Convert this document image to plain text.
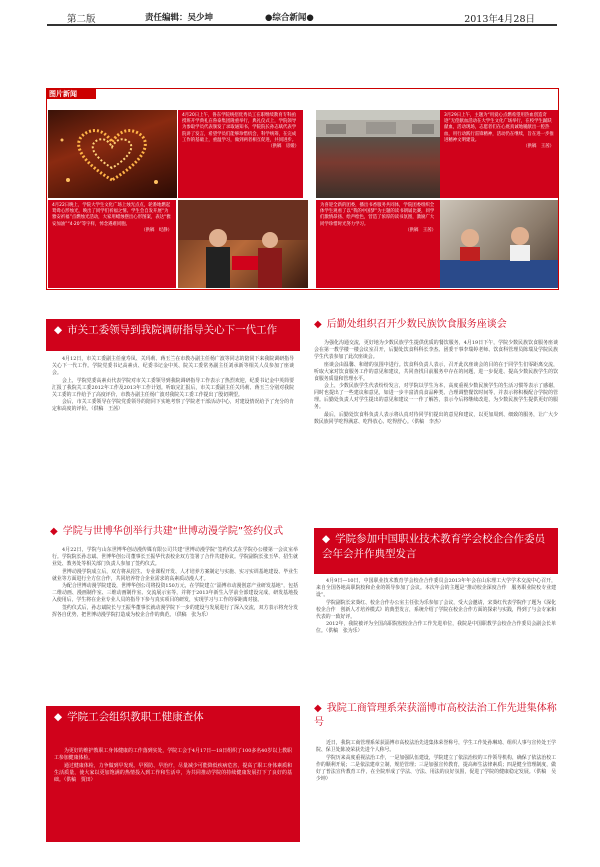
第二版	责任编辑：吴少坤	●综合新闻●	2013年4月28日
图片新闻
4月20日上午，鲁东学院统招优秀员工在职继续教育专科函授班开学典礼在鲁泰集团隆重举行，典礼仪式上，学院领导为参取学员代表颁发了录取通知书，学院院长孙志斌代表学院讲了发言，希望学员们能够珍惜机会，科学统筹，在完成工作的基础上，重温学习，做到两者相互促进，共同进步。
（供稿　房媛）
3月29日上午，主题为“用爱心点燃希望用热血创造奇迹”无偿献血活动在大学生文化广场举行，在校学生踊跃献血，活动现场，志愿者们在心底真诚地履献出一腔热血，用行动践行雷锋精神，活动仍在继续，旨在进一步推进精神文明建设。
（供稿　王茜）
4月22日晚上，学院大学生文化广场上烛光点点，轮番地燃起鸳鸯心形烛光，映出了同学们祈福之情。学生会自发开展“为雅安祈福”点燃烛光活动，大家用蜡烛摆出心形图案，表达“雅安加油”“4·20”等字样，悼念遇难同胞。
（供稿　纪静）
为喜迎全新的团委，播出书香服务共同体，学院团委组织全体学生观看了以“我的中国梦”为主题的读书朗诵比赛，同学们激情昂扬、绘声绘色，营造了浓厚的读书氛围，激励广大同学珍惜时光努力学习。
（供稿　王茜）
◆ 市关工委领导到我院调研指导关心下一代工作

4月12日，市关工委副主任童寿凤、关玛莉、蒋玉兰在市教办副主任杨广波等同志的陪同下来我院调研指导关心下一代工作。学院党委书记高素贞、纪委书记金中英、院关工委常务副主任刘承新等相关人员参加了座谈会。

会上，学院党委高素贞代表学院对市关工委领导到我院调研指导工作表示了热烈欢迎，纪委书记金中英简要汇报了我院关工委2012年工作及2013年工作计划。听取完汇报后，市关工委副主任关玛莉、蒋玉兰分别对我院关工委的工作给予了高度评价，市教办副主任杨广波对我院关工委工作提出了殷切期望。

会后，市关工委领导在学院党委领导的陪同下实地考察了学院老干部活动中心，对建设情况给予了充分的肯定和高度的评价。（供稿　王茜）

◆ 后勤处组织召开少数民族饮食服务座谈会

为强化沟通交流，更好地为少数民族学生提供优质的餐饮服务，4月19日下午，学院少数民族饮食服务座谈会在第一教学楼一楼会议室召开，后勤处饮食科科长李杰、团委干事李瑞婷老师、饮食科管理员陈瑞及学院民族学生代表参加了此次座谈会。

座谈会由温馨、和谐的氛围中进行。饮食科负责人表示，召开此次座谈会的目的在于同学生们零距离交流，听取大家对饮食服务工作的意见和建议，共同查找目前服务中存在的问题，进一步促进、提高少数民族学生的饮食服务质量和管理水平。

会上，少数民族学生代表纷纷发言，对学院以学生为本，高度重视少数民族学生的生活习惯等表示了感谢，同时也提出了一些建议和意见，如进一步丰富清真食品种类、合理调整餐饮时间等，并表示将积极配合学院的管理。后勤处负责人对学生提出的意见和建议一一作了解答，表示今后将继续改进，为少数民族学生提供更好的服务。

最后，后勤处饮食科负责人表示将认真对待同学们提出的意见和建议，以更加周到、细致的服务，让广大少数民族同学吃得满意、吃得放心、吃得舒心。（供稿　李杰）

◆ 学院与世博华创举行共建“世博动漫学院”签约仪式

4月22日，学院与山东世博华创动漫传媒有限公司共建“世博动漫学院”签约仪式在学院办公楼第一会议室举行。学院院长孙志斌、世博华创公司董事长王振华代表校企双方签署了合作共建协议。学院副院长张玉华、招生就业处、教务处等相关部门负责人参加了签约仪式。

世博动漫学院成立后，双方将从招生、专业课程开发、人才培养方案制定与实施、实习实训基地建设、毕业生就业等方面进行全方位合作，共同培养符合企业需求的高素质动漫人才。

为配合世博动漫学院建设，世博华创公司将投资150万元，在学院建立“淄博市动漫创意产业研发基地”，包括二维动画、漫画制作室、三维动画制作室、交流展示室等，并将于2013年新生入学前全部建设完成，研发基地投入使用后，学生将在企业专业人员的指导下参与真实项目的研发，实现学习与工作的零距离对接。

签约仪式后，孙志斌院长与王振华董事长就动漫学院下一步的建设与发展进行了深入交流，双方表示将充分发挥各自优势，把世博动漫学院打造成为校企合作的典范。（供稿　张为乐）

◆ 学院参加中国职业技术教育学会校企合作委员会年会并作典型发言

4月9日—10日，中国职业技术教育学会校企合作委员会2013年年会在山东理工大学学术交流中心召开，来自全国各地高职院校和企业的领导参加了会议。本次年会的主题是“推动校企深度合作　服务职业院校专业建设”。

学院副院长宋葵红、校企合作办公室主任张为乐参加了会议，受大会邀请，宋葵红代表学院作了题为《深化校企合作　创新人才培养模式》的典型发言，系统介绍了学院在校企合作方面的探索与实践，得到了与会专家和代表的一致好评。

2012年，我院被评为全国高职院校校企合作工作先进单位，我院是中国职教学会校企合作委员会副会长单位。（供稿　张为乐）

◆ 学院工会组织教职工健康查体

为更好的维护教职工身体健康的工作落到实处，学院工会于4月17日—18日组织了100多名40岁以上教职工参加健康体检。

通过健康体检，力争做到早发现、早预防、早治疗，尽量减少可能降低疾病危害，提高了职工身体素质和生活质量，使大家以更加饱满的热情投入到工作和生活中，为共同推动学院的持续健康发展打下了良好的基础。（供稿　贾田）

◆ 我院工商管理系荣获淄博市高校法治工作先进集体称号

近日，我院工商管理系荣获淄博市高校法治先进集体荣誉称号，学生工作处孙琳琦、组织人事与宣传处王学院、保卫处陈凌荣获先进个人称号。

学院历来高度重视法治工作，一是加强队伍建设，学院建立了依法治校的工作领导机构，确保了依法治校工作的顺利开展；二是依法建章立制，规范管理；三是加强宣传教育，提高师生法律素质；四是健全管理制度，做好了普法宣传教育工作，在全院形成了学法、守法、用法的良好氛围，促进了学院的健康稳定发展。（供稿　吴少坤）
